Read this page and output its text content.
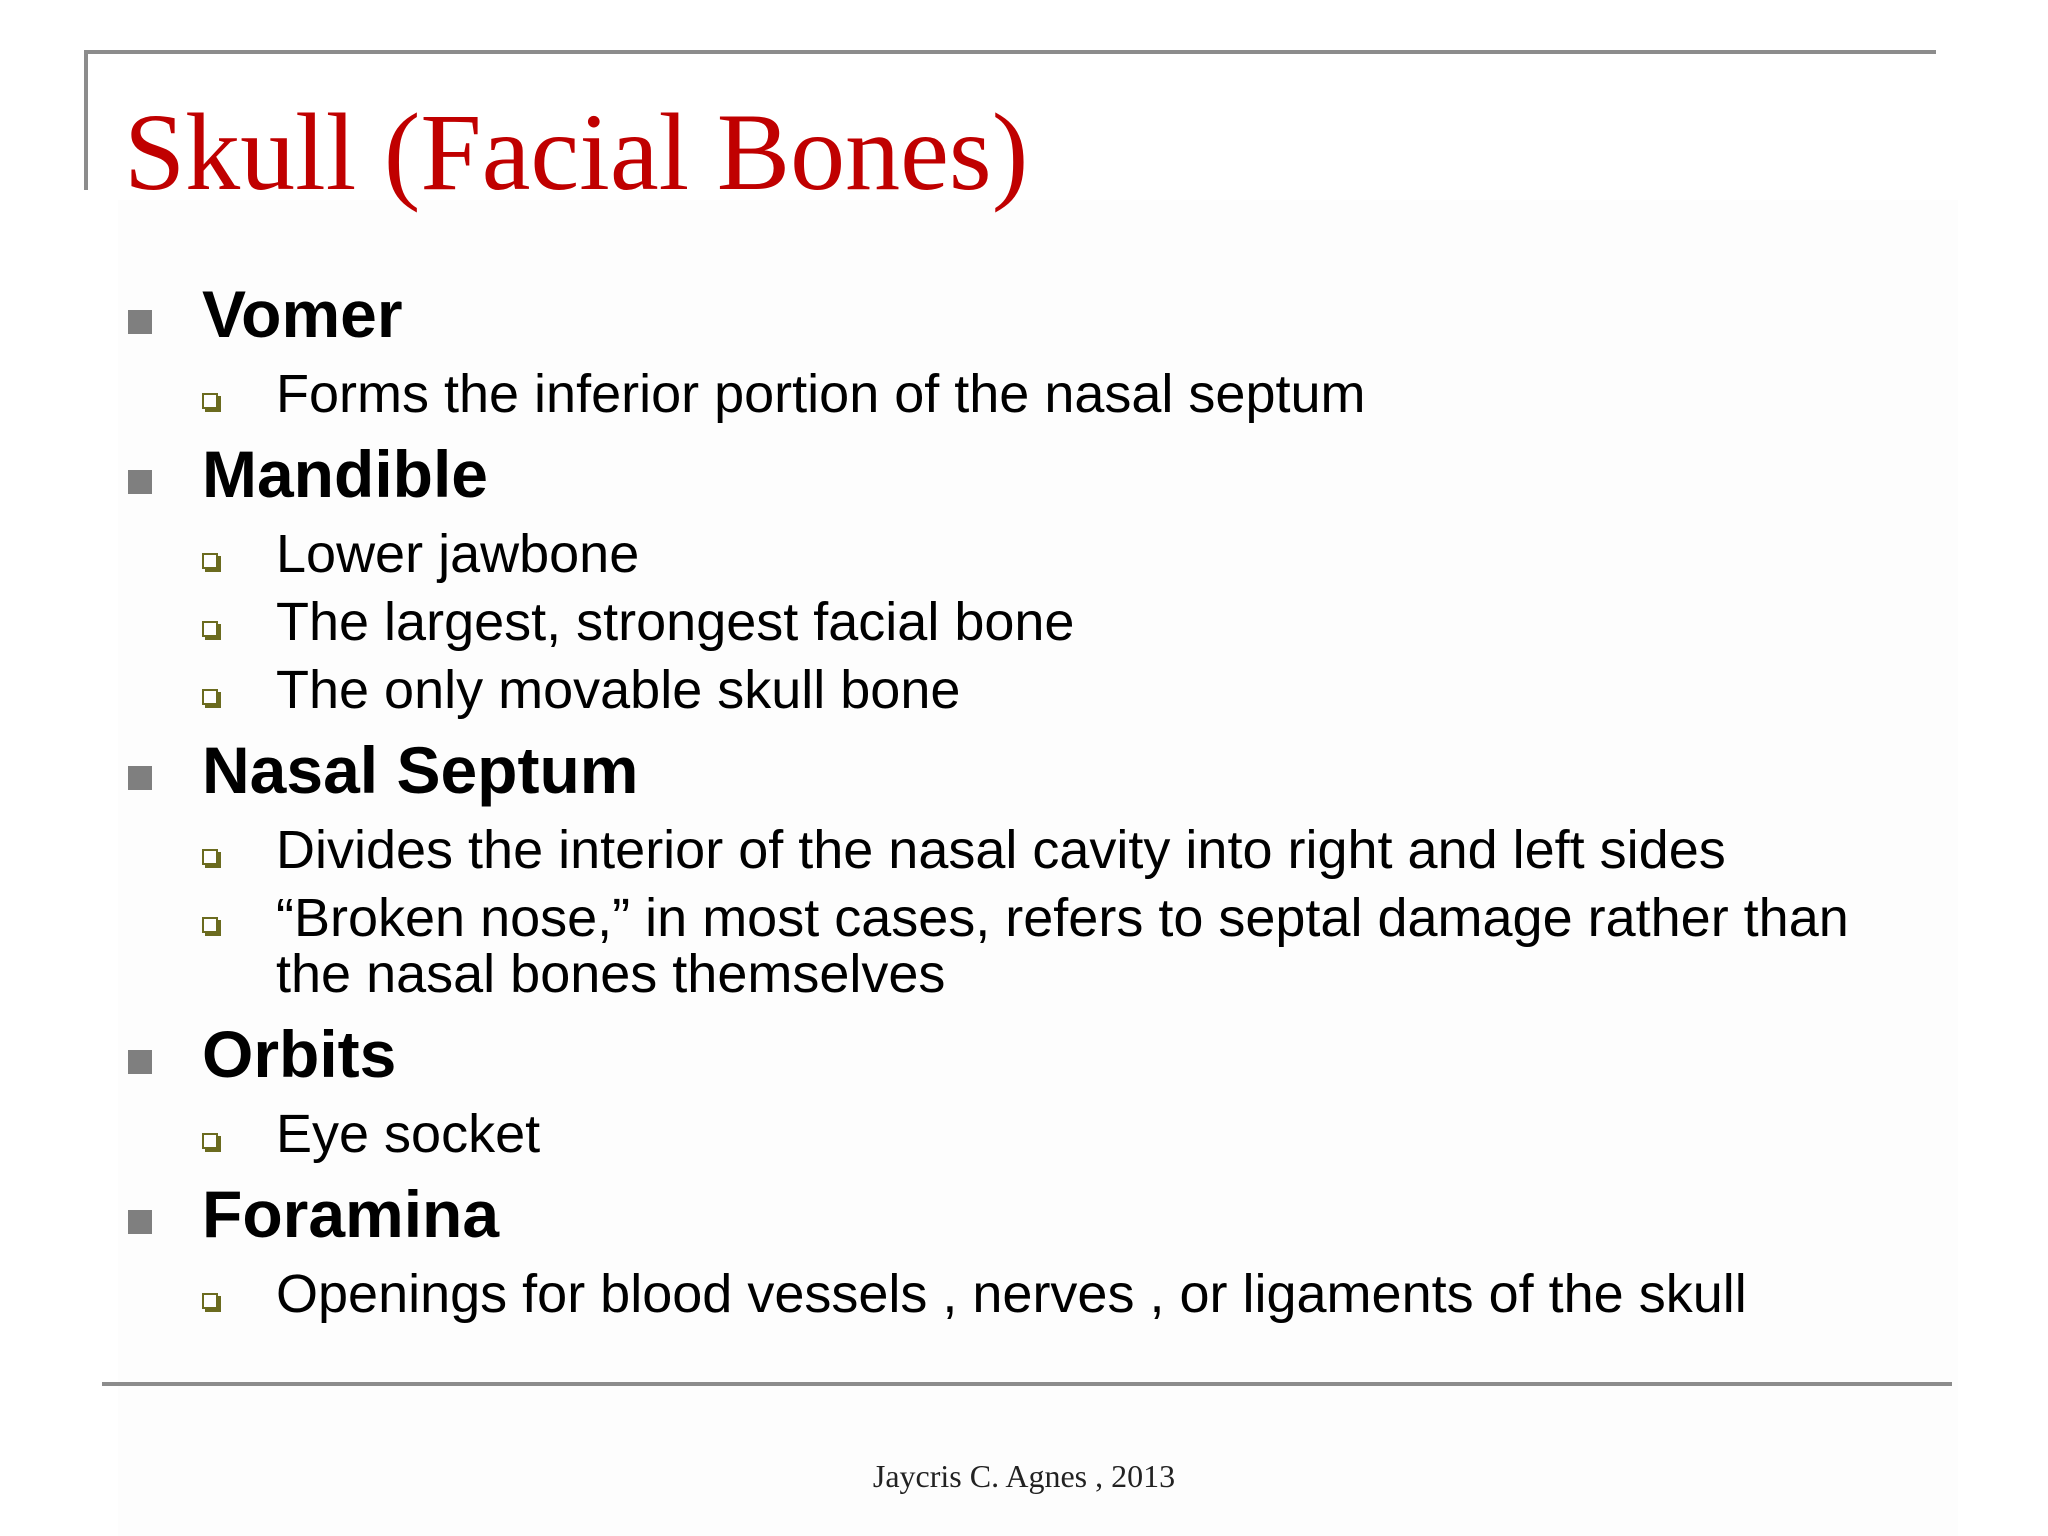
Skull (Facial Bones)
Vomer
Forms the inferior portion of the nasal septum
Mandible
Lower jawbone
The largest, strongest facial bone
The only movable skull bone
Nasal Septum
Divides the interior of the nasal cavity into right and left sides
“Broken nose,” in most cases, refers to septal damage rather than the nasal bones themselves
Orbits
Eye socket
Foramina
Openings for blood vessels , nerves , or ligaments of the skull
Jaycris C. Agnes , 2013
